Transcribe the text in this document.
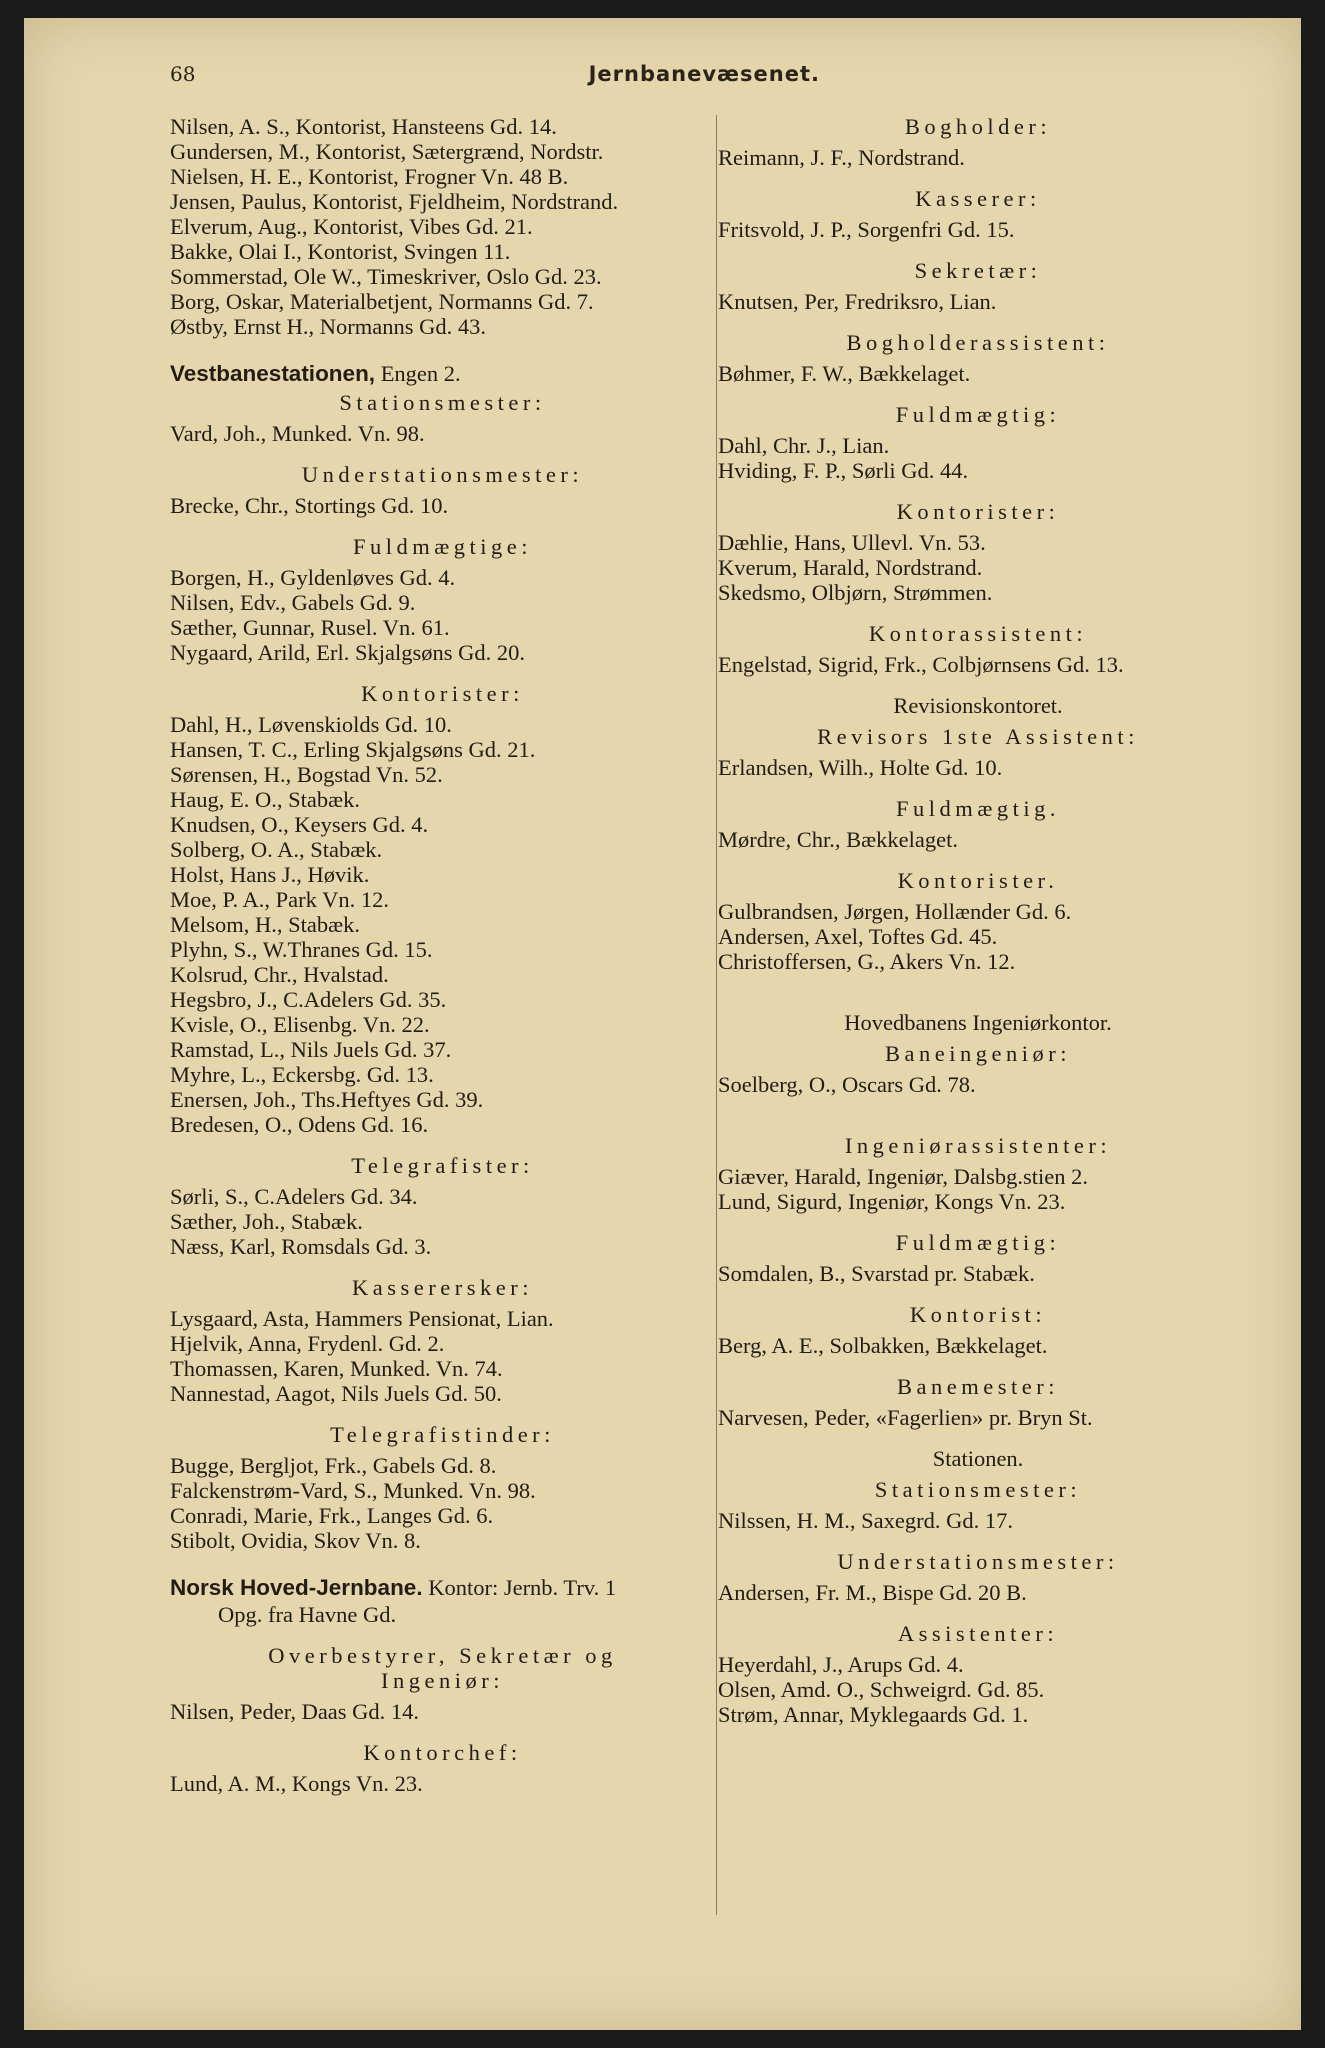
68	Jernbanevæsenet.
Nilsen, A. S., Kontorist, Hansteens Gd. 14.
Gundersen, M., Kontorist, Sætergrænd, Nordstr.
Nielsen, H. E., Kontorist, Frogner Vn. 48 B.
Jensen, Paulus, Kontorist, Fjeldheim, Nordstrand.
Elverum, Aug., Kontorist, Vibes Gd. 21.
Bakke, Olai I., Kontorist, Svingen 11.
Sommerstad, Ole W., Timeskriver, Oslo Gd. 23.
Borg, Oskar, Materialbetjent, Normanns Gd. 7.
Østby, Ernst H., Normanns Gd. 43.
Vestbanestationen, Engen 2.
Stationsmester:
Vard, Joh., Munked. Vn. 98.
Understationsmester:
Brecke, Chr., Stortings Gd. 10.
Fuldmægtige:
Borgen, H., Gyldenløves Gd. 4.
Nilsen, Edv., Gabels Gd. 9.
Sæther, Gunnar, Rusel. Vn. 61.
Nygaard, Arild, Erl. Skjalgsøns Gd. 20.
Kontorister:
Dahl, H., Løvenskiolds Gd. 10.
Hansen, T. C., Erling Skjalgsøns Gd. 21.
Sørensen, H., Bogstad Vn. 52.
Haug, E. O., Stabæk.
Knudsen, O., Keysers Gd. 4.
Solberg, O. A., Stabæk.
Holst, Hans J., Høvik.
Moe, P. A., Park Vn. 12.
Melsom, H., Stabæk.
Plyhn, S., W.Thranes Gd. 15.
Kolsrud, Chr., Hvalstad.
Hegsbro, J., C.Adelers Gd. 35.
Kvisle, O., Elisenbg. Vn. 22.
Ramstad, L., Nils Juels Gd. 37.
Myhre, L., Eckersbg. Gd. 13.
Enersen, Joh., Ths.Heftyes Gd. 39.
Bredesen, O., Odens Gd. 16.
Telegrafister:
Sørli, S., C.Adelers Gd. 34.
Sæther, Joh., Stabæk.
Næss, Karl, Romsdals Gd. 3.
Kasserersker:
Lysgaard, Asta, Hammers Pensionat, Lian.
Hjelvik, Anna, Frydenl. Gd. 2.
Thomassen, Karen, Munked. Vn. 74.
Nannestad, Aagot, Nils Juels Gd. 50.
Telegrafistinder:
Bugge, Bergljot, Frk., Gabels Gd. 8.
Falckenstrøm-Vard, S., Munked. Vn. 98.
Conradi, Marie, Frk., Langes Gd. 6.
Stibolt, Ovidia, Skov Vn. 8.
Norsk Hoved-Jernbane. Kontor: Jernb. Trv. 1
Opg. fra Havne Gd.
Overbestyrer, Sekretær og
Ingeniør:
Nilsen, Peder, Daas Gd. 14.
Kontorchef:
Lund, A. M., Kongs Vn. 23.
Bogholder:
Reimann, J. F., Nordstrand.
Kasserer:
Fritsvold, J. P., Sorgenfri Gd. 15.
Sekretær:
Knutsen, Per, Fredriksro, Lian.
Bogholderassistent:
Bøhmer, F. W., Bækkelaget.
Fuldmægtig:
Dahl, Chr. J., Lian.
Hviding, F. P., Sørli Gd. 44.
Kontorister:
Dæhlie, Hans, Ullevl. Vn. 53.
Kverum, Harald, Nordstrand.
Skedsmo, Olbjørn, Strømmen.
Kontorassistent:
Engelstad, Sigrid, Frk., Colbjørnsens Gd. 13.
Revisionskontoret.
Revisors 1ste Assistent:
Erlandsen, Wilh., Holte Gd. 10.
Fuldmægtig.
Mørdre, Chr., Bækkelaget.
Kontorister.
Gulbrandsen, Jørgen, Hollænder Gd. 6.
Andersen, Axel, Toftes Gd. 45.
Christoffersen, G., Akers Vn. 12.
Hovedbanens Ingeniørkontor.
Baneingeniør:
Soelberg, O., Oscars Gd. 78.
Ingeniørassistenter:
Giæver, Harald, Ingeniør, Dalsbg.stien 2.
Lund, Sigurd, Ingeniør, Kongs Vn. 23.
Fuldmægtig:
Somdalen, B., Svarstad pr. Stabæk.
Kontorist:
Berg, A. E., Solbakken, Bækkelaget.
Banemester:
Narvesen, Peder, «Fagerlien» pr. Bryn St.
Stationen.
Stationsmester:
Nilssen, H. M., Saxegrd. Gd. 17.
Understationsmester:
Andersen, Fr. M., Bispe Gd. 20 B.
Assistenter:
Heyerdahl, J., Arups Gd. 4.
Olsen, Amd. O., Schweigrd. Gd. 85.
Strøm, Annar, Myklegaards Gd. 1.
